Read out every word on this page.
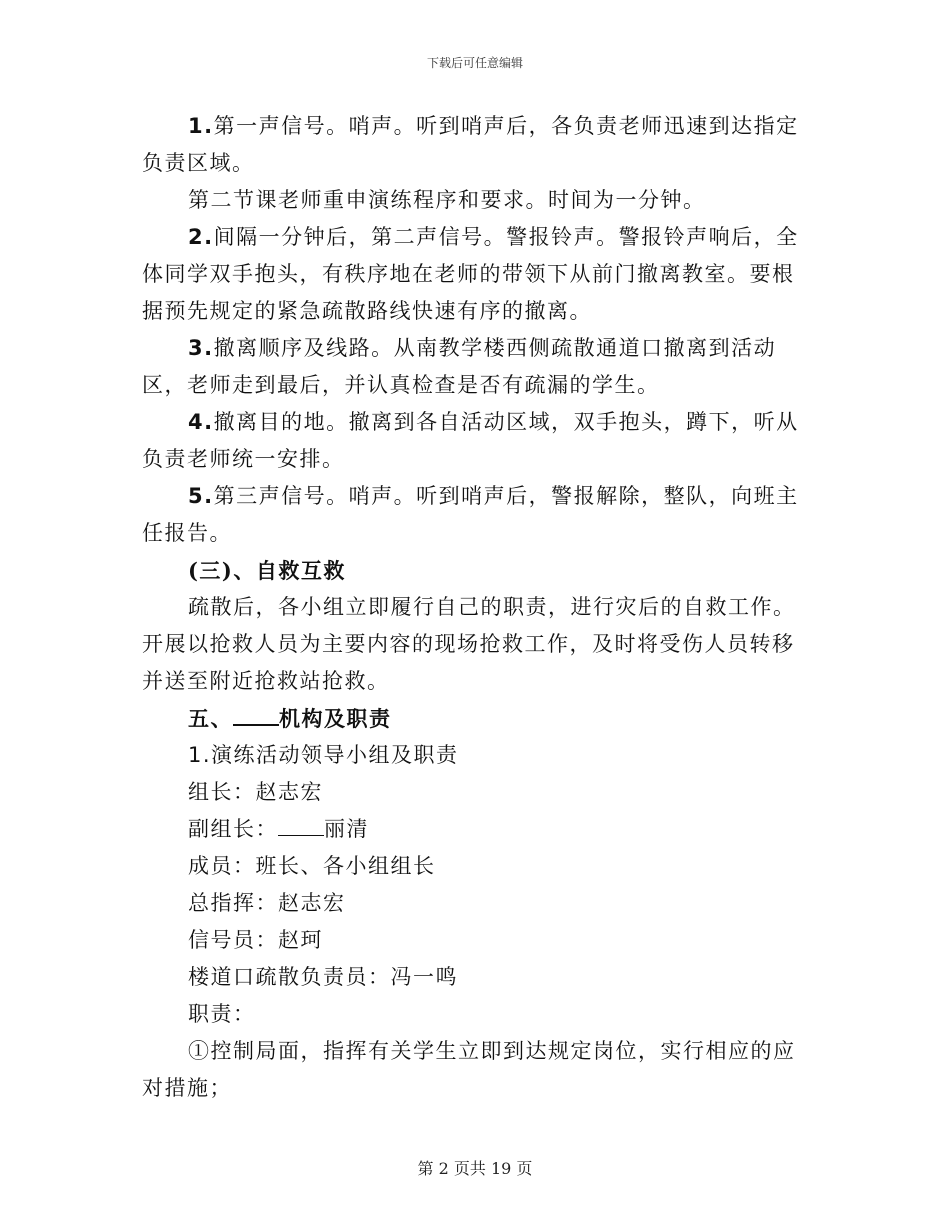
下载后可任意编辑

1.第一声信号。哨声。听到哨声后，各负责老师迅速到达指定负责区域。

第二节课老师重申演练程序和要求。时间为一分钟。

2.间隔一分钟后，第二声信号。警报铃声。警报铃声响后，全体同学双手抱头，有秩序地在老师的带领下从前门撤离教室。要根据预先规定的紧急疏散路线快速有序的撤离。

3.撤离顺序及线路。从南教学楼西侧疏散通道口撤离到活动区，老师走到最后，并认真检查是否有疏漏的学生。

4.撤离目的地。撤离到各自活动区域，双手抱头，蹲下，听从负责老师统一安排。

5.第三声信号。哨声。听到哨声后，警报解除，整队，向班主任报告。

(三)、自救互救

疏散后，各小组立即履行自己的职责，进行灾后的自救工作。开展以抢救人员为主要内容的现场抢救工作，及时将受伤人员转移并送至附近抢救站抢救。

五、 机构及职责

1.演练活动领导小组及职责

组长：赵志宏

副组长： 丽清

成员：班长、各小组组长

总指挥：赵志宏

信号员：赵珂

楼道口疏散负责员：冯一鸣

职责：

①控制局面，指挥有关学生立即到达规定岗位，实行相应的应对措施；

第 2 页共 19 页
